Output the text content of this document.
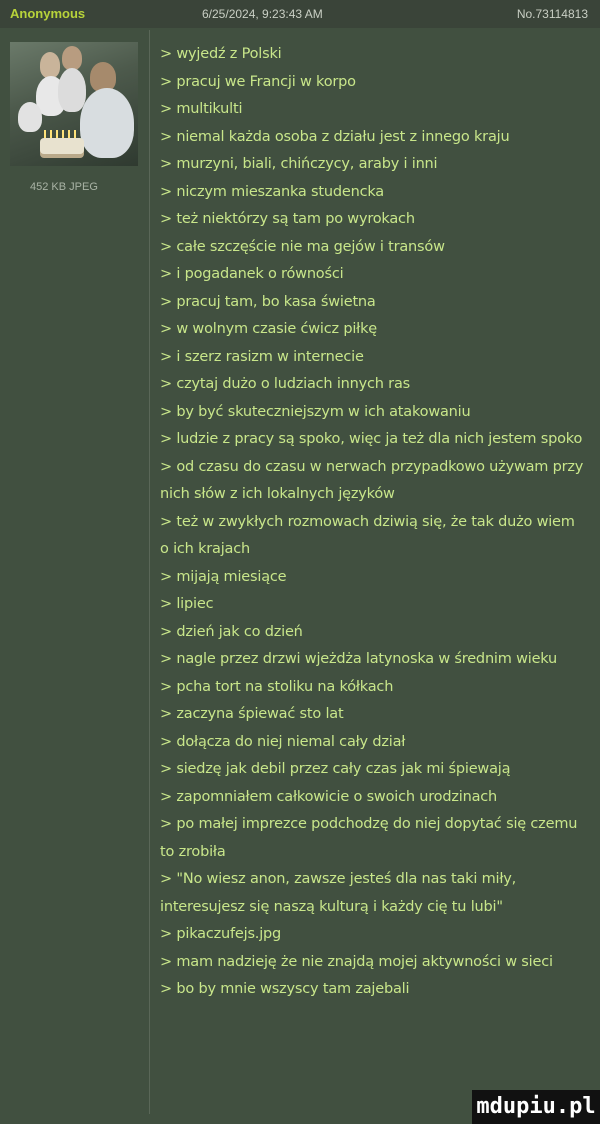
Anonymous	6/25/2024, 9:23:43 AM	No.73114813
452 KB JPEG
> wyjedź z Polski
> pracuj we Francji w korpo
> multikulti
> niemal każda osoba z działu jest z innego kraju
> murzyni, biali, chińczycy, araby i inni
> niczym mieszanka studencka
> też niektórzy są tam po wyrokach
> całe szczęście nie ma gejów i transów
> i pogadanek o równości
> pracuj tam, bo kasa świetna
> w wolnym czasie ćwicz piłkę
> i szerz rasizm w internecie
> czytaj dużo o ludziach innych ras
> by być skuteczniejszym w ich atakowaniu
> ludzie z pracy są spoko, więc ja też dla nich jestem spoko
> od czasu do czasu w nerwach przypadkowo używam przy nich słów z ich lokalnych języków
> też w zwykłych rozmowach dziwią się, że tak dużo wiem o ich krajach
> mijają miesiące
> lipiec
> dzień jak co dzień
> nagle przez drzwi wjeżdża latynoska w średnim wieku
> pcha tort na stoliku na kółkach
> zaczyna śpiewać sto lat
> dołącza do niej niemal cały dział
> siedzę jak debil przez cały czas jak mi śpiewają
> zapomniałem całkowicie o swoich urodzinach
> po małej imprezce podchodzę do niej dopytać się czemu to zrobiła
> "No wiesz anon, zawsze jesteś dla nas taki miły, interesujesz się naszą kulturą i każdy cię tu lubi"
> pikaczufejs.jpg
> mam nadzieję że nie znajdą mojej aktywności w sieci
> bo by mnie wszyscy tam zajebali
mdupiu.pl
